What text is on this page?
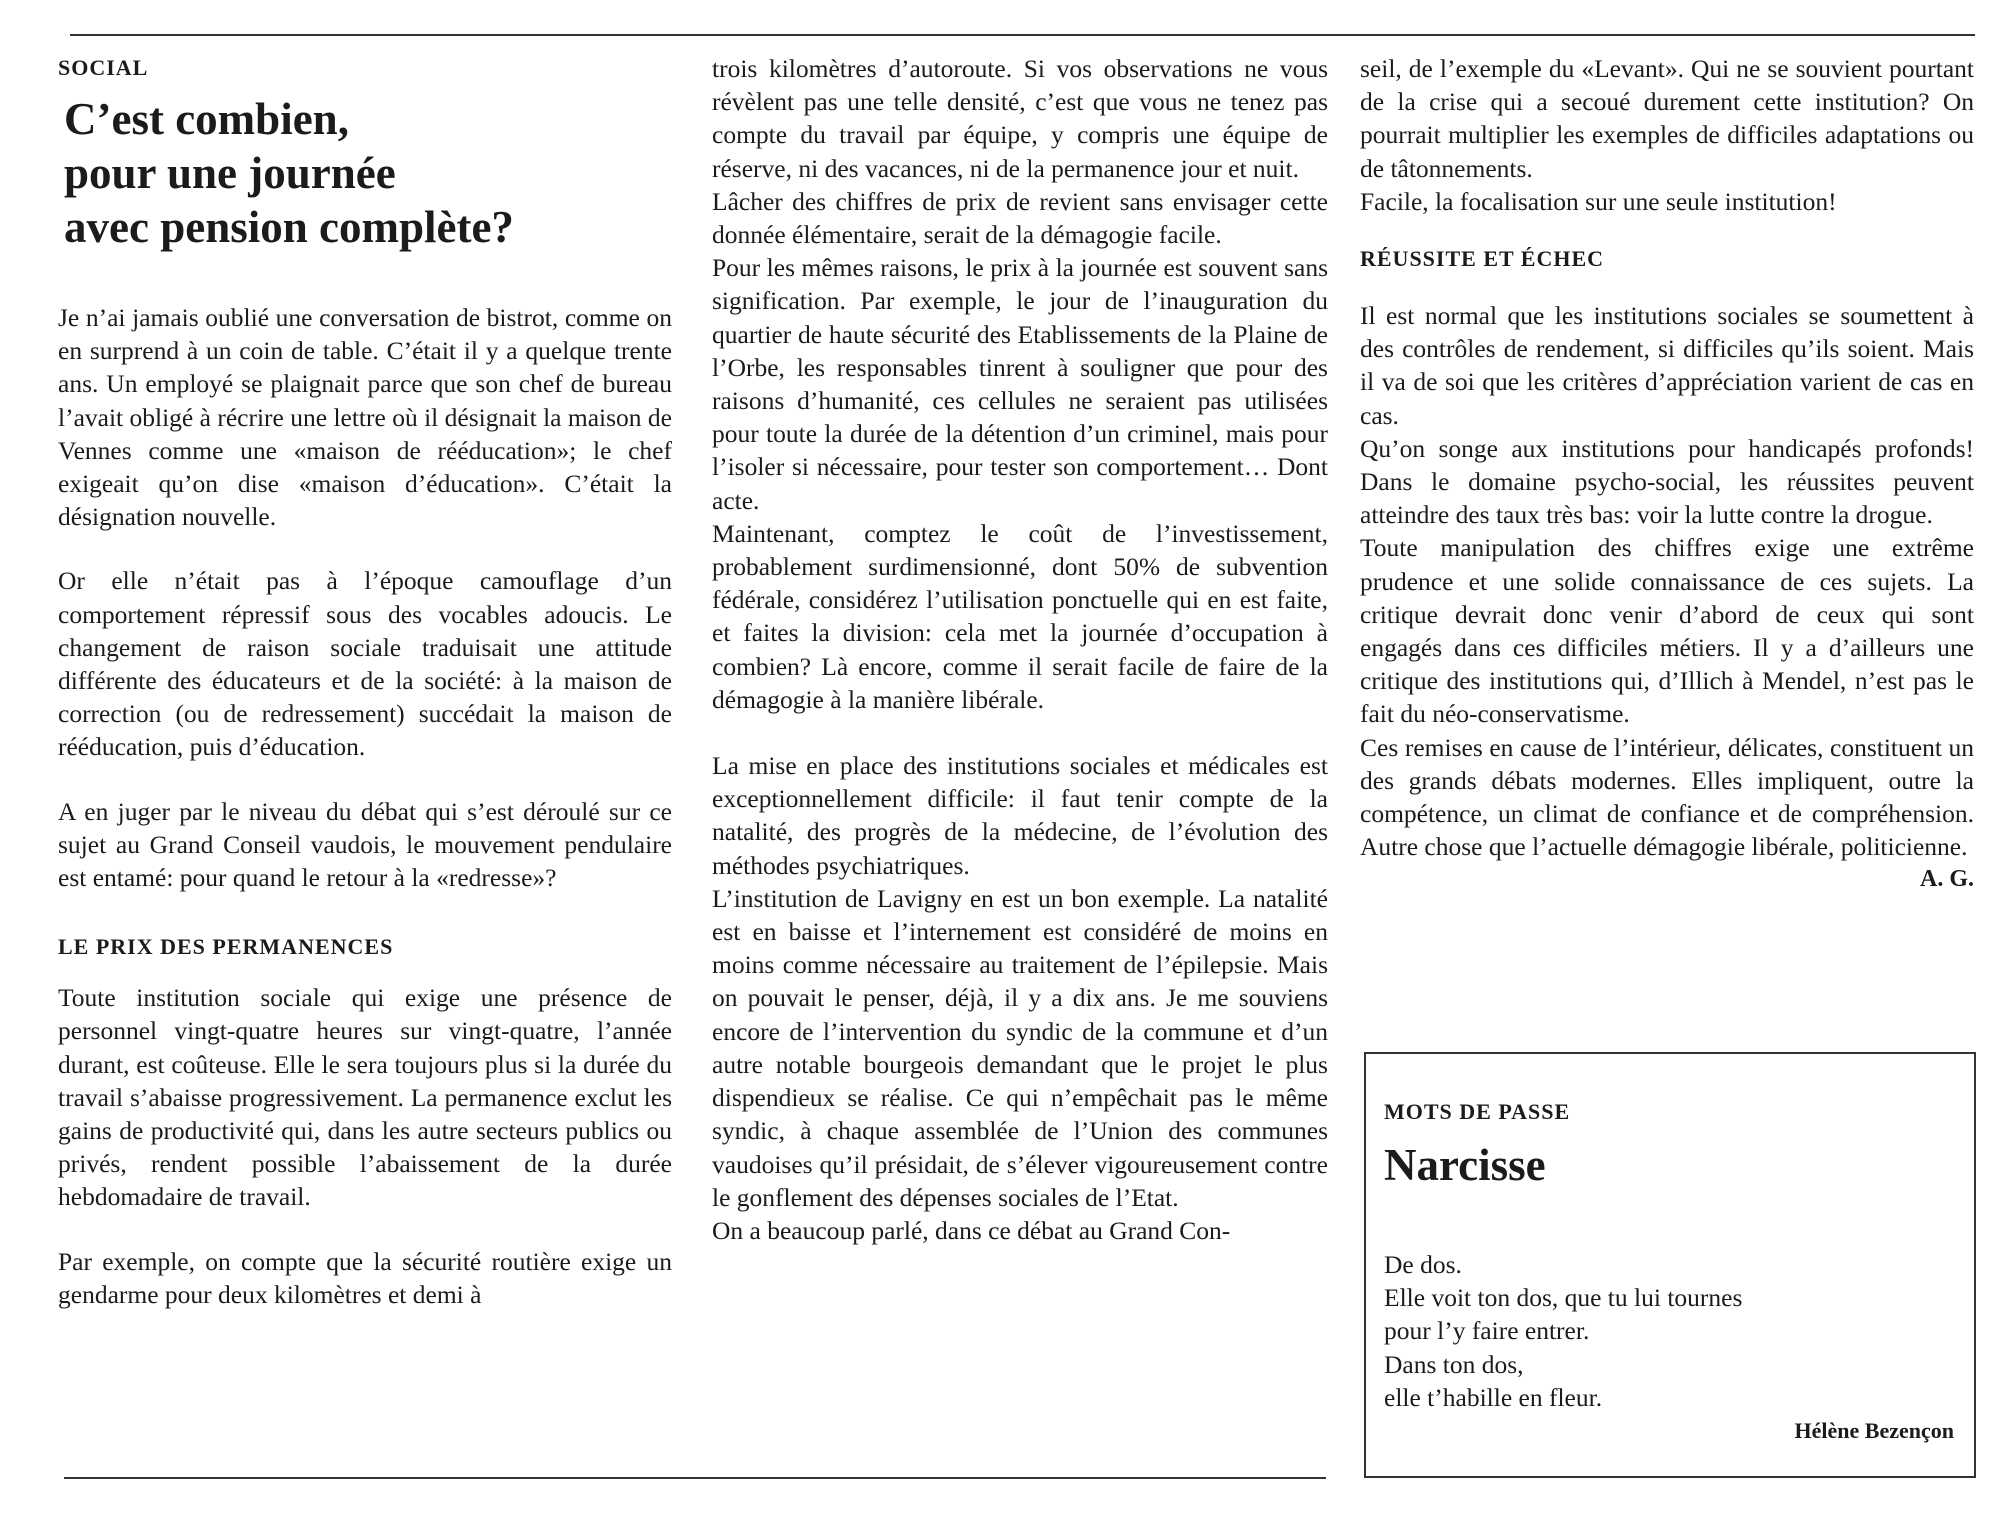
SOCIAL

C’est combien,
pour une journée
avec pension complète?

Je n’ai jamais oublié une conversation de bistrot, comme on en surprend à un coin de table. C’était il y a quelque trente ans. Un employé se plaignait parce que son chef de bureau l’avait obligé à récrire une lettre où il désignait la maison de Vennes comme une «maison de rééducation»; le chef exigeait qu’on dise «maison d’éducation». C’était la désignation nouvelle.

Or elle n’était pas à l’époque camouflage d’un comportement répressif sous des vocables adoucis. Le changement de raison sociale traduisait une attitude différente des éducateurs et de la société: à la maison de correction (ou de redressement) succédait la maison de rééducation, puis d’éducation.

A en juger par le niveau du débat qui s’est déroulé sur ce sujet au Grand Conseil vaudois, le mouvement pendulaire est entamé: pour quand le retour à la «redresse»?

LE PRIX DES PERMANENCES

Toute institution sociale qui exige une présence de personnel vingt-quatre heures sur vingt-quatre, l’année durant, est coûteuse. Elle le sera toujours plus si la durée du travail s’abaisse progressivement. La permanence exclut les gains de productivité qui, dans les autre secteurs publics ou privés, rendent possible l’abaissement de la durée hebdomadaire de travail.

Par exemple, on compte que la sécurité routière exige un gendarme pour deux kilomètres et demi à

trois kilomètres d’autoroute. Si vos observations ne vous révèlent pas une telle densité, c’est que vous ne tenez pas compte du travail par équipe, y compris une équipe de réserve, ni des vacances, ni de la permanence jour et nuit.

Lâcher des chiffres de prix de revient sans envisager cette donnée élémentaire, serait de la démagogie facile.

Pour les mêmes raisons, le prix à la journée est souvent sans signification. Par exemple, le jour de l’inauguration du quartier de haute sécurité des Etablissements de la Plaine de l’Orbe, les responsables tinrent à souligner que pour des raisons d’humanité, ces cellules ne seraient pas utilisées pour toute la durée de la détention d’un criminel, mais pour l’isoler si nécessaire, pour tester son comportement… Dont acte.

Maintenant, comptez le coût de l’investissement, probablement surdimensionné, dont 50% de subvention fédérale, considérez l’utilisation ponctuelle qui en est faite, et faites la division: cela met la journée d’occupation à combien? Là encore, comme il serait facile de faire de la démagogie à la manière libérale.

La mise en place des institutions sociales et médicales est exceptionnellement difficile: il faut tenir compte de la natalité, des progrès de la médecine, de l’évolution des méthodes psychiatriques.

L’institution de Lavigny en est un bon exemple. La natalité est en baisse et l’internement est considéré de moins en moins comme nécessaire au traitement de l’épilepsie. Mais on pouvait le penser, déjà, il y a dix ans. Je me souviens encore de l’intervention du syndic de la commune et d’un autre notable bourgeois demandant que le projet le plus dispendieux se réalise. Ce qui n’empêchait pas le même syndic, à chaque assemblée de l’Union des communes vaudoises qu’il présidait, de s’élever vigoureusement contre le gonflement des dépenses sociales de l’Etat.

On a beaucoup parlé, dans ce débat au Grand Con-

seil, de l’exemple du «Levant». Qui ne se souvient pourtant de la crise qui a secoué durement cette institution? On pourrait multiplier les exemples de difficiles adaptations ou de tâtonnements.

Facile, la focalisation sur une seule institution!

RÉUSSITE ET ÉCHEC

Il est normal que les institutions sociales se soumettent à des contrôles de rendement, si difficiles qu’ils soient. Mais il va de soi que les critères d’appréciation varient de cas en cas.

Qu’on songe aux institutions pour handicapés profonds! Dans le domaine psycho-social, les réussites peuvent atteindre des taux très bas: voir la lutte contre la drogue.

Toute manipulation des chiffres exige une extrême prudence et une solide connaissance de ces sujets. La critique devrait donc venir d’abord de ceux qui sont engagés dans ces difficiles métiers. Il y a d’ailleurs une critique des institutions qui, d’Illich à Mendel, n’est pas le fait du néo-conservatisme.

Ces remises en cause de l’intérieur, délicates, constituent un des grands débats modernes. Elles impliquent, outre la compétence, un climat de confiance et de compréhension. Autre chose que l’actuelle démagogie libérale, politicienne.

A. G.

MOTS DE PASSE

Narcisse

De dos.
Elle voit ton dos, que tu lui tournes
pour l’y faire entrer.
Dans ton dos,
elle t’habille en fleur.

Hélène Bezençon
